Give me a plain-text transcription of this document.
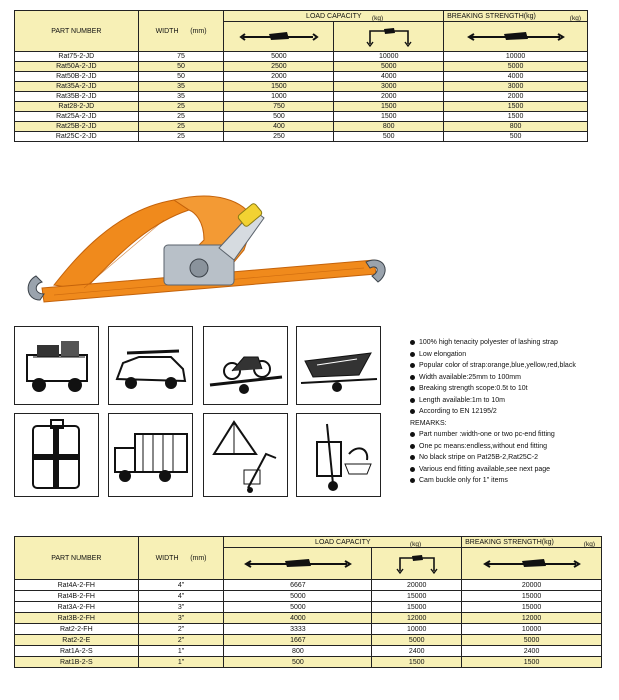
PART NUMBER	WIDTH (mm)	LOAD CAPACITY (kg)		BREAKING STRENGTH(kg) (kg)

Rat75-2-JD	75	5000	10000	10000
Rat50A-2-JD	50	2500	5000	5000
Rat50B-2-JD	50	2000	4000	4000
Rat35A-2-JD	35	1500	3000	3000
Rat35B-2-JD	35	1000	2000	2000
Rat28-2-JD	25	750	1500	1500
Rat25A-2-JD	25	500	1500	1500
Rat25B-2-JD	25	400	800	800
Rat25C-2-JD	25	250	500	500
100% high tenacity polyester of lashing strap
Low elongation
Popular color of strap:orange,blue,yellow,red,black
Width available:25mm to 100mm
Breaking strength scope:0.5t to 10t
Length available:1m to 10m
According to EN 12195/2
REMARKS:
Part number :width-one or two pc-end fitting
One pc means:endless,without end fitting
No black stripe on Pat25B-2,Rat25C-2
Various end fitting available,see next page
Cam buckle only for 1" items
PART NUMBER	WIDTH (mm)	LOAD CAPACITY (kg)		BREAKING STRENGTH(kg) (kg)

Rat4A-2-FH	4"	6667	20000	20000
Rat4B-2-FH	4"	5000	15000	15000
Rat3A-2-FH	3"	5000	15000	15000
Rat3B-2-FH	3"	4000	12000	12000
Rat2-2-FH	2"	3333	10000	10000
Rat2-2-E	2"	1667	5000	5000
Rat1A-2-S	1"	800	2400	2400
Rat1B-2-S	1"	500	1500	1500
